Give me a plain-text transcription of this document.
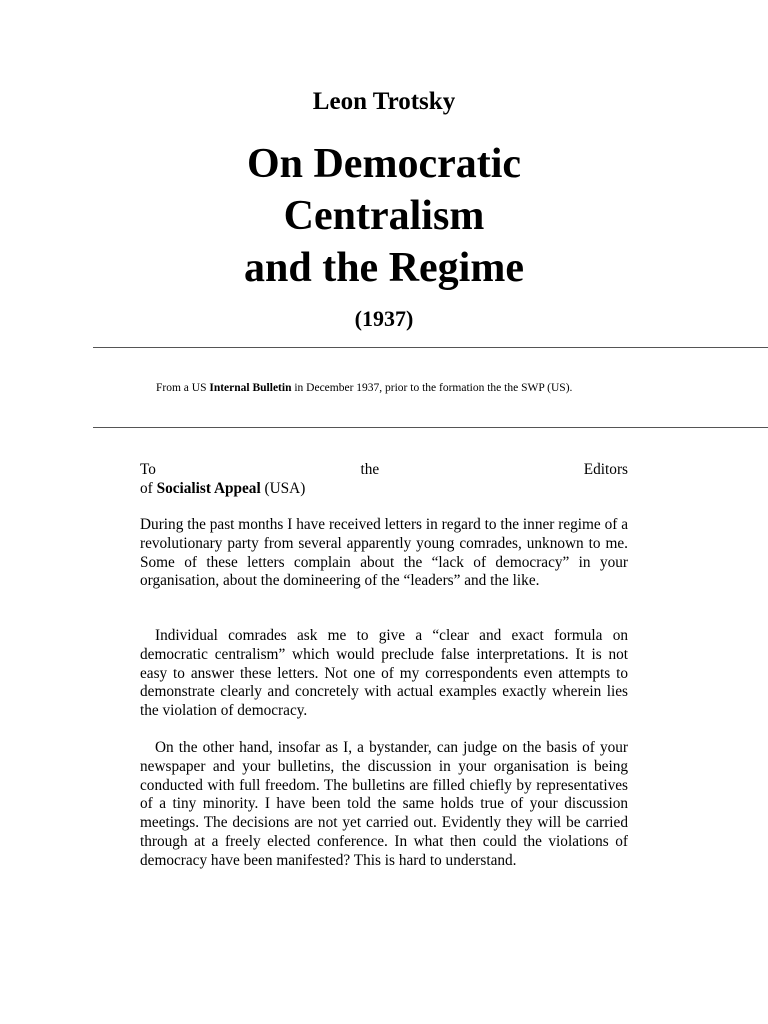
Leon Trotsky
On Democratic
Centralism
and the Regime
(1937)
From a US Internal Bulletin in December 1937, prior to the formation the the SWP (US).
To	the	Editors
of Socialist Appeal (USA)

During the past months I have received letters in regard to the inner regime of a revolutionary party from several apparently young comrades, unknown to me. Some of these letters complain about the “lack of democracy” in your organisation, about the domineering of the “leaders” and the like.

Individual comrades ask me to give a “clear and exact formula on democratic centralism” which would preclude false interpretations. It is not easy to answer these letters. Not one of my correspondents even attempts to demonstrate clearly and concretely with actual examples exactly wherein lies the violation of democracy.

On the other hand, insofar as I, a bystander, can judge on the basis of your newspaper and your bulletins, the discussion in your organisation is being conducted with full freedom. The bulletins are filled chiefly by representatives of a tiny minority. I have been told the same holds true of your discussion meetings. The decisions are not yet carried out. Evidently they will be carried through at a freely elected conference. In what then could the violations of democracy have been manifested? This is hard to understand.
